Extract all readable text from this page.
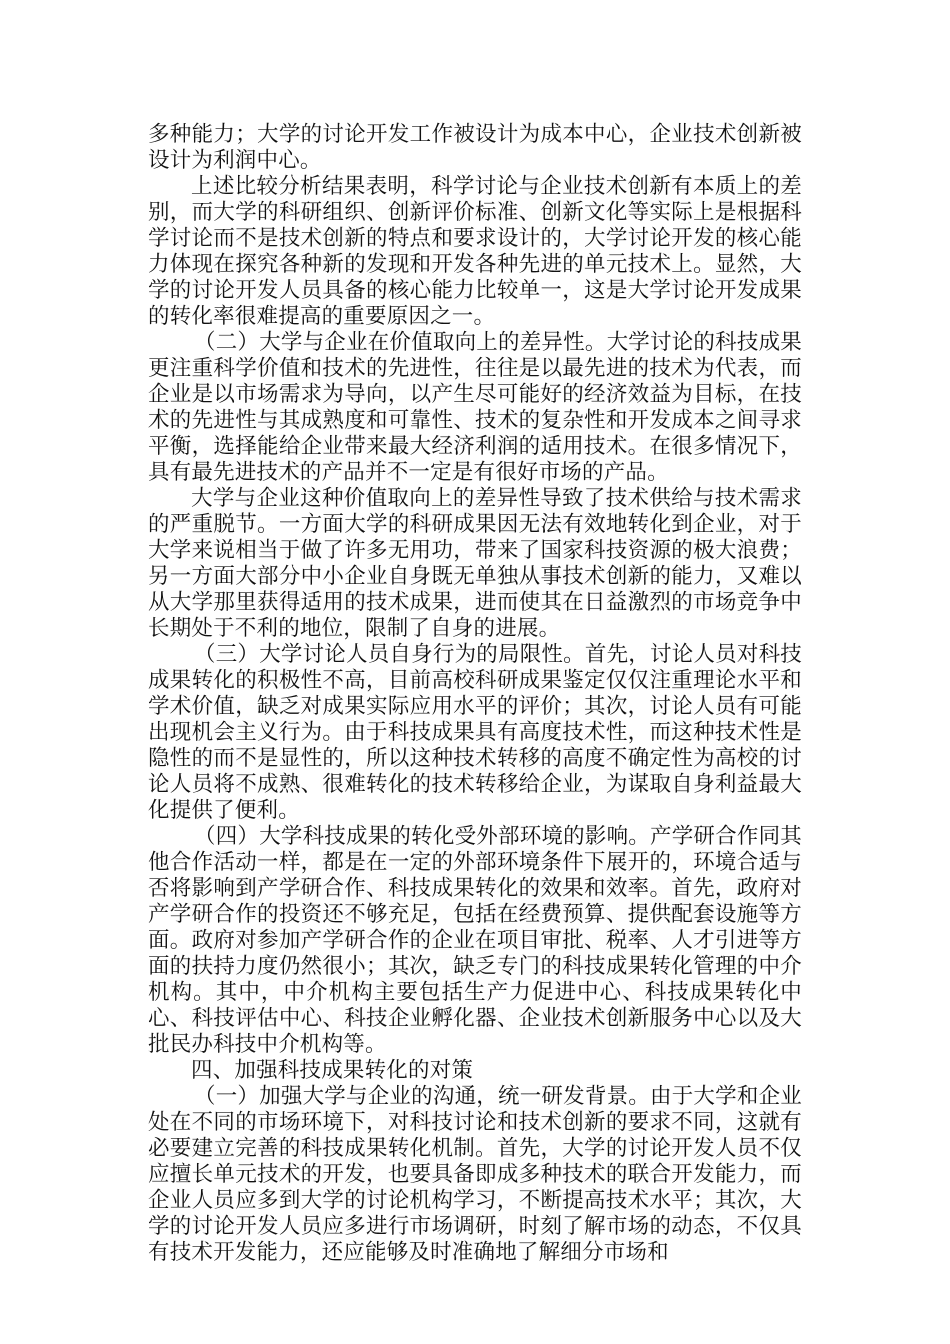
多种能力；大学的讨论开发工作被设计为成本中心，企业技术创新被设计为利润中心。

上述比较分析结果表明，科学讨论与企业技术创新有本质上的差别，而大学的科研组织、创新评价标准、创新文化等实际上是根据科学讨论而不是技术创新的特点和要求设计的，大学讨论开发的核心能力体现在探究各种新的发现和开发各种先进的单元技术上。显然，大学的讨论开发人员具备的核心能力比较单一，这是大学讨论开发成果的转化率很难提高的重要原因之一。

（二）大学与企业在价值取向上的差异性。大学讨论的科技成果更注重科学价值和技术的先进性，往往是以最先进的技术为代表，而企业是以市场需求为导向，以产生尽可能好的经济效益为目标，在技术的先进性与其成熟度和可靠性、技术的复杂性和开发成本之间寻求平衡，选择能给企业带来最大经济利润的适用技术。在很多情况下，具有最先进技术的产品并不一定是有很好市场的产品。

大学与企业这种价值取向上的差异性导致了技术供给与技术需求的严重脱节。一方面大学的科研成果因无法有效地转化到企业，对于大学来说相当于做了许多无用功，带来了国家科技资源的极大浪费；另一方面大部分中小企业自身既无单独从事技术创新的能力，又难以从大学那里获得适用的技术成果，进而使其在日益激烈的市场竞争中长期处于不利的地位，限制了自身的进展。

（三）大学讨论人员自身行为的局限性。首先，讨论人员对科技成果转化的积极性不高，目前高校科研成果鉴定仅仅注重理论水平和学术价值，缺乏对成果实际应用水平的评价；其次，讨论人员有可能出现机会主义行为。由于科技成果具有高度技术性，而这种技术性是隐性的而不是显性的，所以这种技术转移的高度不确定性为高校的讨论人员将不成熟、很难转化的技术转移给企业，为谋取自身利益最大化提供了便利。

（四）大学科技成果的转化受外部环境的影响。产学研合作同其他合作活动一样，都是在一定的外部环境条件下展开的，环境合适与否将影响到产学研合作、科技成果转化的效果和效率。首先，政府对产学研合作的投资还不够充足，包括在经费预算、提供配套设施等方面。政府对参加产学研合作的企业在项目审批、税率、人才引进等方面的扶持力度仍然很小；其次，缺乏专门的科技成果转化管理的中介机构。其中，中介机构主要包括生产力促进中心、科技成果转化中心、科技评估中心、科技企业孵化器、企业技术创新服务中心以及大批民办科技中介机构等。

四、加强科技成果转化的对策

（一）加强大学与企业的沟通，统一研发背景。由于大学和企业处在不同的市场环境下，对科技讨论和技术创新的要求不同，这就有必要建立完善的科技成果转化机制。首先，大学的讨论开发人员不仅应擅长单元技术的开发，也要具备即成多种技术的联合开发能力，而企业人员应多到大学的讨论机构学习，不断提高技术水平；其次，大学的讨论开发人员应多进行市场调研，时刻了解市场的动态，不仅具有技术开发能力，还应能够及时准确地了解细分市场和
